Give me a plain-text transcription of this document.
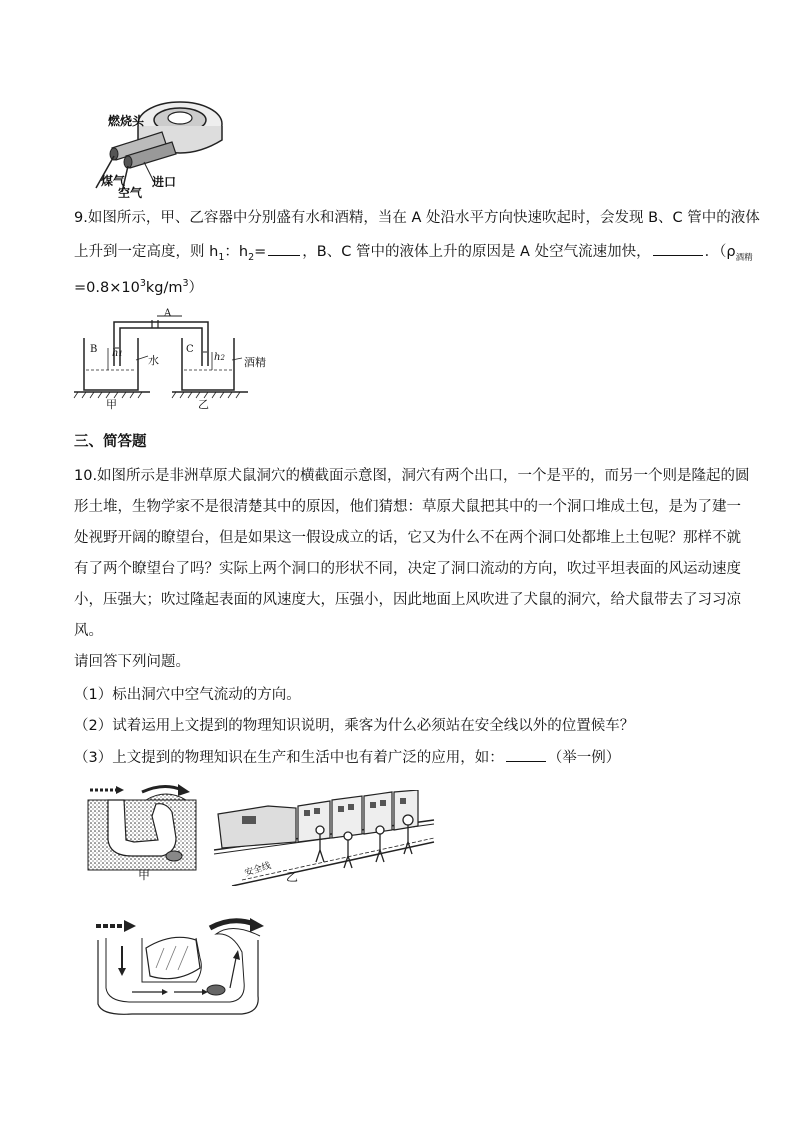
燃烧头
煤气
空气
进口
9.如图所示，甲、乙容器中分别盛有水和酒精，当在 A 处沿水平方向快速吹起时，会发现 B、C 管中的液体
上升到一定高度，则 $h_1$：$h_2=$ ，B、C 管中的液体上升的原因是 A 处空气流速加快，	．（$\rho_{酒精}$
$=0.8\times 10^3kg/m^3$）
A
B	C
h1	h2
水	酒精
甲	乙
三、简答题
10.如图所示是非洲草原犬鼠洞穴的横截面示意图，洞穴有两个出口，一个是平的，而另一个则是隆起的圆
形土堆，生物学家不是很清楚其中的原因，他们猜想：草原犬鼠把其中的一个洞口堆成土包，是为了建一
处视野开阔的瞭望台，但是如果这一假设成立的话，它又为什么不在两个洞口处都堆上土包呢？那样不就
有了两个瞭望台了吗？实际上两个洞口的形状不同，决定了洞口流动的方向，吹过平坦表面的风运动速度
小，压强大；吹过隆起表面的风速度大，压强小，因此地面上风吹进了犬鼠的洞穴，给犬鼠带去了习习凉
风。
请回答下列问题。
（1）标出洞穴中空气流动的方向。
（2）试着运用上文提到的物理知识说明，乘客为什么必须站在安全线以外的位置候车？
（3）上文提到的物理知识在生产和生活中也有着广泛的应用，如：	（举一例）
甲	安全线 乙
